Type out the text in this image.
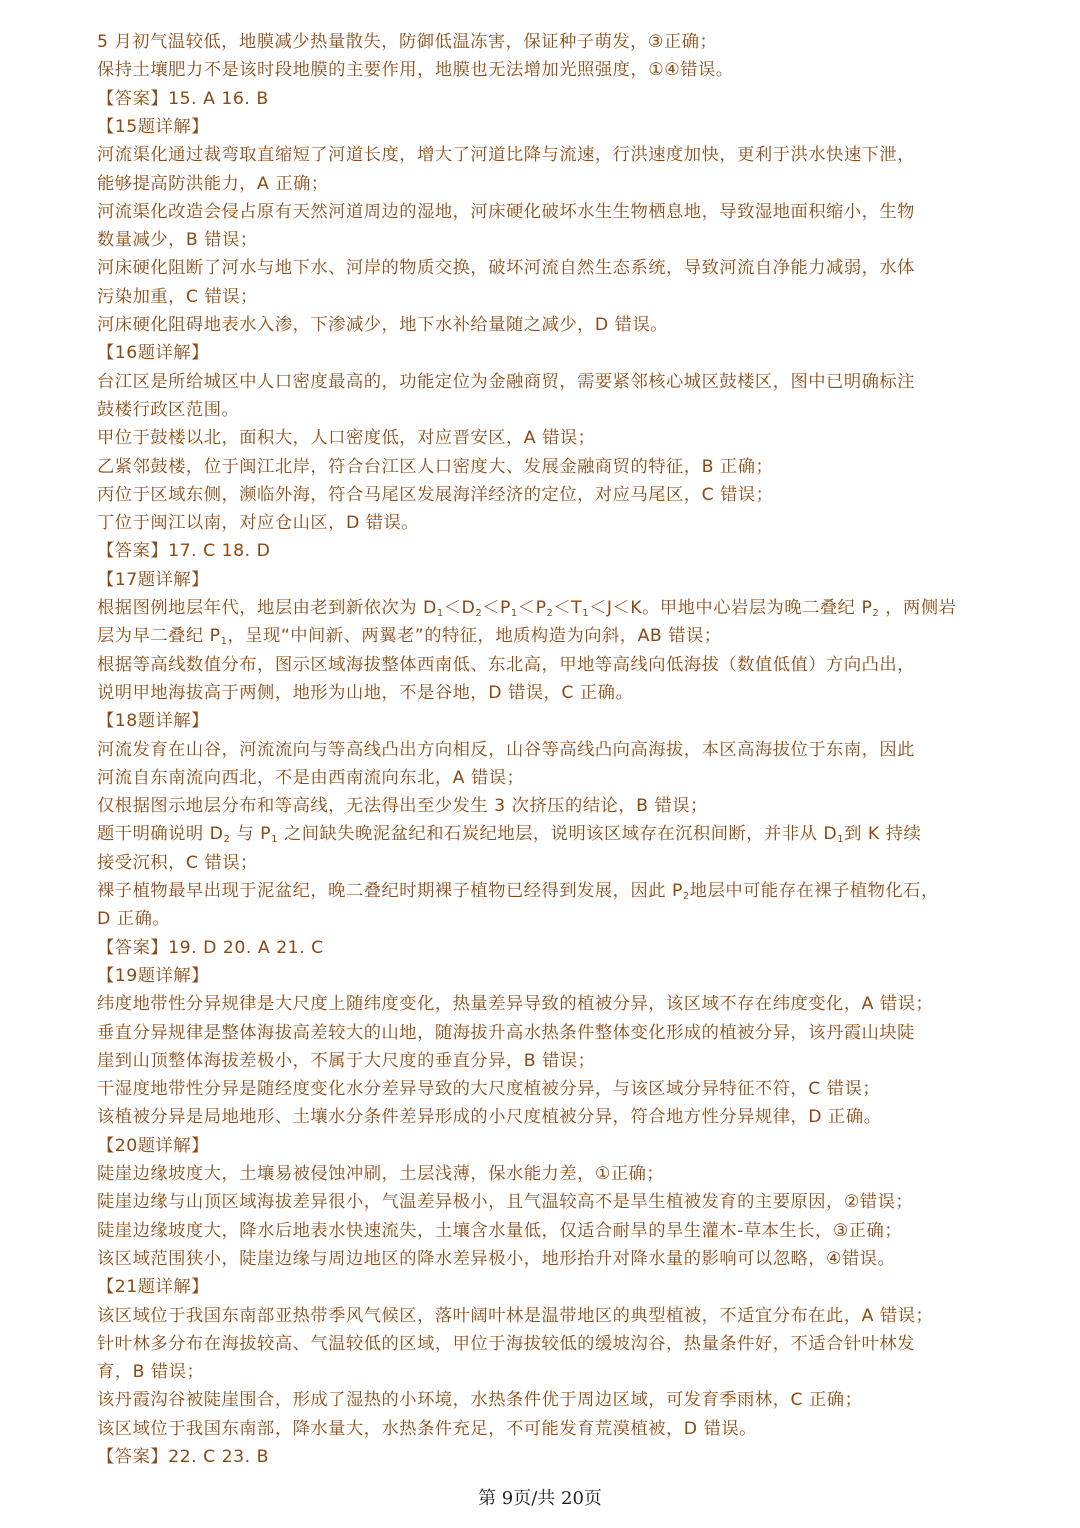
5 月初气温较低，地膜减少热量散失，防御低温冻害，保证种子萌发，③正确；
保持土壤肥力不是该时段地膜的主要作用，地膜也无法增加光照强度，①④错误。
【答案】15. A 16. B
【15题详解】
河流渠化通过裁弯取直缩短了河道长度，增大了河道比降与流速，行洪速度加快，更利于洪水快速下泄，
能够提高防洪能力，A 正确；
河流渠化改造会侵占原有天然河道周边的湿地，河床硬化破坏水生生物栖息地，导致湿地面积缩小，生物
数量减少，B 错误；
河床硬化阻断了河水与地下水、河岸的物质交换，破坏河流自然生态系统，导致河流自净能力减弱，水体
污染加重，C 错误；
河床硬化阻碍地表水入渗，下渗减少，地下水补给量随之减少，D 错误。
【16题详解】
台江区是所给城区中人口密度最高的，功能定位为金融商贸，需要紧邻核心城区鼓楼区，图中已明确标注
鼓楼行政区范围。
甲位于鼓楼以北，面积大，人口密度低，对应晋安区，A 错误；
乙紧邻鼓楼，位于闽江北岸，符合台江区人口密度大、发展金融商贸的特征，B 正确；
丙位于区域东侧，濒临外海，符合马尾区发展海洋经济的定位，对应马尾区，C 错误；
丁位于闽江以南，对应仓山区，D 错误。
【答案】17. C 18. D
【17题详解】
根据图例地层年代，地层由老到新依次为 $D_1<D_2<P_1<P_2<T_1<J<K$。甲地中心岩层为晚二叠纪 $P_2$ ，两侧岩
层为早二叠纪 $P_1$，呈现“中间新、两翼老”的特征，地质构造为向斜，AB 错误；
根据等高线数值分布，图示区域海拔整体西南低、东北高，甲地等高线向低海拔（数值低值）方向凸出，
说明甲地海拔高于两侧，地形为山地，不是谷地，D 错误，C 正确。
【18题详解】
河流发育在山谷，河流流向与等高线凸出方向相反，山谷等高线凸向高海拔，本区高海拔位于东南，因此
河流自东南流向西北，不是由西南流向东北，A 错误；
仅根据图示地层分布和等高线，无法得出至少发生 3 次挤压的结论，B 错误；
题干明确说明 $D_2$ 与 $P_1$ 之间缺失晚泥盆纪和石炭纪地层，说明该区域存在沉积间断，并非从 $D_1$到 K 持续
接受沉积，C 错误；
裸子植物最早出现于泥盆纪，晚二叠纪时期裸子植物已经得到发展，因此 $P_2$地层中可能存在裸子植物化石，
D 正确。
【答案】19. D 20. A 21. C
【19题详解】
纬度地带性分异规律是大尺度上随纬度变化，热量差异导致的植被分异，该区域不存在纬度变化，A 错误；
垂直分异规律是整体海拔高差较大的山地，随海拔升高水热条件整体变化形成的植被分异，该丹霞山块陡
崖到山顶整体海拔差极小，不属于大尺度的垂直分异，B 错误；
干湿度地带性分异是随经度变化水分差异导致的大尺度植被分异，与该区域分异特征不符，C 错误；
该植被分异是局地地形、土壤水分条件差异形成的小尺度植被分异，符合地方性分异规律，D 正确。
【20题详解】
陡崖边缘坡度大，土壤易被侵蚀冲刷，土层浅薄，保水能力差，①正确；
陡崖边缘与山顶区域海拔差异很小，气温差异极小，且气温较高不是旱生植被发育的主要原因，②错误；
陡崖边缘坡度大，降水后地表水快速流失，土壤含水量低，仅适合耐旱的旱生灌木-草本生长，③正确；
该区域范围狭小，陡崖边缘与周边地区的降水差异极小，地形抬升对降水量的影响可以忽略，④错误。
【21题详解】
该区域位于我国东南部亚热带季风气候区，落叶阔叶林是温带地区的典型植被，不适宜分布在此，A 错误；
针叶林多分布在海拔较高、气温较低的区域，甲位于海拔较低的缓坡沟谷，热量条件好，不适合针叶林发
育，B 错误；
该丹霞沟谷被陡崖围合，形成了湿热的小环境，水热条件优于周边区域，可发育季雨林，C 正确；
该区域位于我国东南部，降水量大，水热条件充足，不可能发育荒漠植被，D 错误。
【答案】22. C 23. B
第 9页/共 20页
